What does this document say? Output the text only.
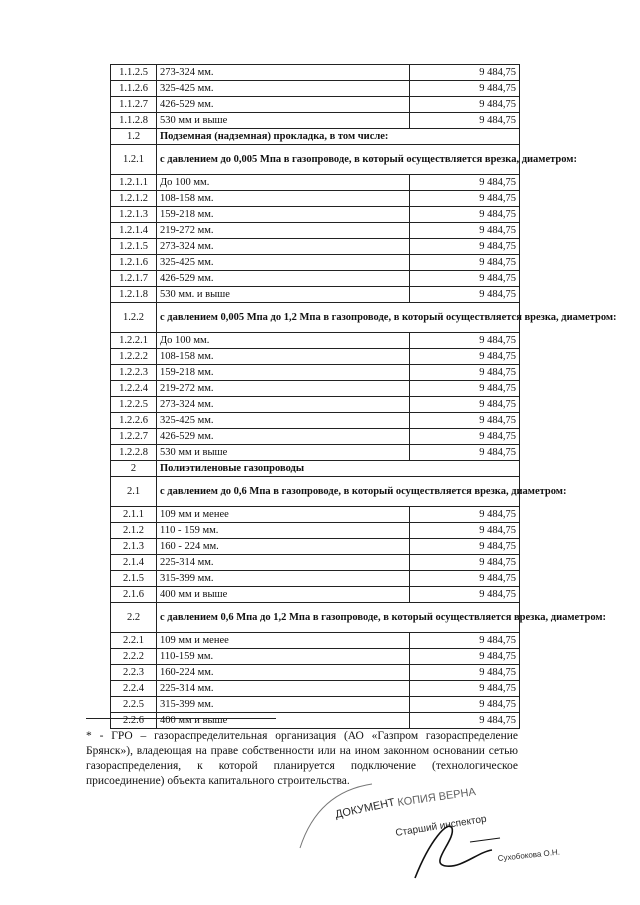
1.1.2.5	273-324 мм.	9 484,75
1.1.2.6	325-425 мм.	9 484,75
1.1.2.7	426-529 мм.	9 484,75
1.1.2.8	530 мм и выше	9 484,75
1.2	Подземная (надземная) прокладка, в том числе:	
1.2.1	с давлением до 0,005 Мпа в газопроводе, в который осуществляется врезка, диаметром:	
1.2.1.1	До 100 мм.	9 484,75
1.2.1.2	108-158 мм.	9 484,75
1.2.1.3	159-218 мм.	9 484,75
1.2.1.4	219-272 мм.	9 484,75
1.2.1.5	273-324 мм.	9 484,75
1.2.1.6	325-425 мм.	9 484,75
1.2.1.7	426-529 мм.	9 484,75
1.2.1.8	530 мм. и выше	9 484,75
1.2.2	с давлением 0,005 Мпа до 1,2 Мпа в газопроводе, в который осуществляется врезка, диаметром:	
1.2.2.1	До 100 мм.	9 484,75
1.2.2.2	108-158 мм.	9 484,75
1.2.2.3	159-218 мм.	9 484,75
1.2.2.4	219-272 мм.	9 484,75
1.2.2.5	273-324 мм.	9 484,75
1.2.2.6	325-425 мм.	9 484,75
1.2.2.7	426-529 мм.	9 484,75
1.2.2.8	530 мм и выше	9 484,75
2	Полиэтиленовые газопроводы	
2.1	с давлением до 0,6 Мпа в газопроводе, в который осуществляется врезка, диаметром:	
2.1.1	109 мм и менее	9 484,75
2.1.2	110 - 159 мм.	9 484,75
2.1.3	160 - 224 мм.	9 484,75
2.1.4	225-314 мм.	9 484,75
2.1.5	315-399 мм.	9 484,75
2.1.6	400 мм и выше	9 484,75
2.2	с давлением 0,6 Мпа до 1,2 Мпа в газопроводе, в который осуществляется врезка, диаметром:	
2.2.1	109 мм и менее	9 484,75
2.2.2	110-159 мм.	9 484,75
2.2.3	160-224 мм.	9 484,75
2.2.4	225-314 мм.	9 484,75
2.2.5	315-399 мм.	9 484,75
2.2.6	400 мм и выше	9 484,75

* - ГРО – газораспределительная организация (АО «Газпром газораспределение Брянск»), владеющая на праве собственности или на ином законном основании сетью газораспределения, к которой планируется подключение (технологическое присоединение) объекта капитального строительства.

ДОКУМЕНТ КОПИЯ ВЕРНА
Старший инспектор
Сухобокова О.Н.
